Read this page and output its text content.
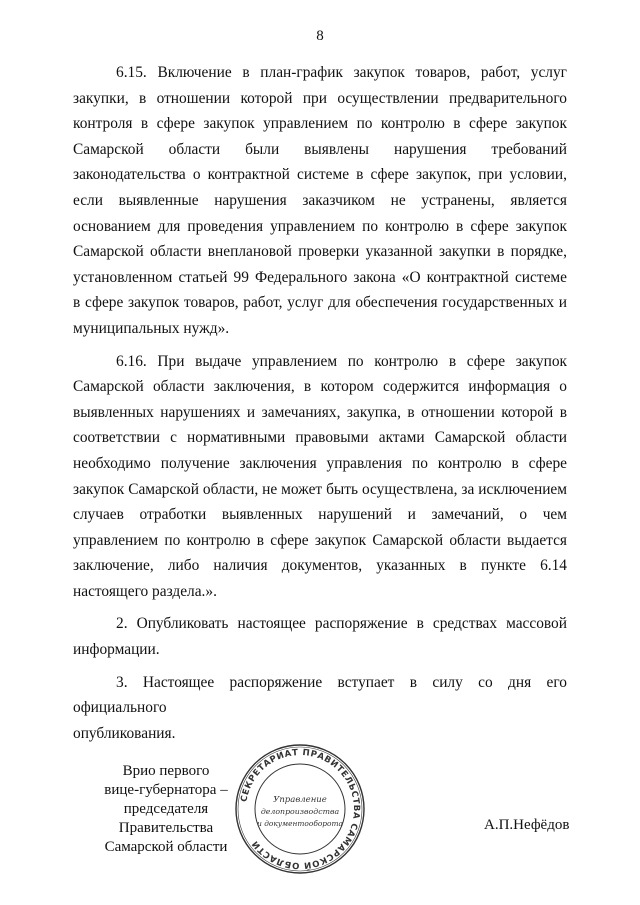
8
6.15. Включение в план-график закупок товаров, работ, услуг
закупки, в отношении которой при осуществлении предварительного
контроля в сфере закупок управлением по контролю в сфере закупок
Самарской области были выявлены нарушения требований
законодательства о контрактной системе в сфере закупок, при условии,
если выявленные нарушения заказчиком не устранены, является
основанием для проведения управлением по контролю в сфере закупок
Самарской области внеплановой проверки указанной закупки в порядке,
установленном статьей 99 Федерального закона «О контрактной системе
в сфере закупок товаров, работ, услуг для обеспечения государственных и
муниципальных нужд».
6.16. При выдаче управлением по контролю в сфере закупок
Самарской области заключения, в котором содержится информация о
выявленных нарушениях и замечаниях, закупка, в отношении которой в
соответствии с нормативными правовыми актами Самарской области
необходимо получение заключения управления по контролю в сфере
закупок Самарской области, не может быть осуществлена, за исключением
случаев отработки выявленных нарушений и замечаний, о чем
управлением по контролю в сфере закупок Самарской области выдается
заключение, либо наличия документов, указанных в пункте 6.14
настоящего раздела.».
2. Опубликовать настоящее распоряжение в средствах массовой
информации.
3. Настоящее распоряжение вступает в силу со дня его официального
опубликования.
Врио первого
вице-губернатора –
председателя Правительства
Самарской области
СЕКРЕТАРИАТ ПРАВИТЕЛЬСТВА САМАРСКОЙ ОБЛАСТИ
Управление
делопроизводства
и документооборота	А.П.Нефёдов
